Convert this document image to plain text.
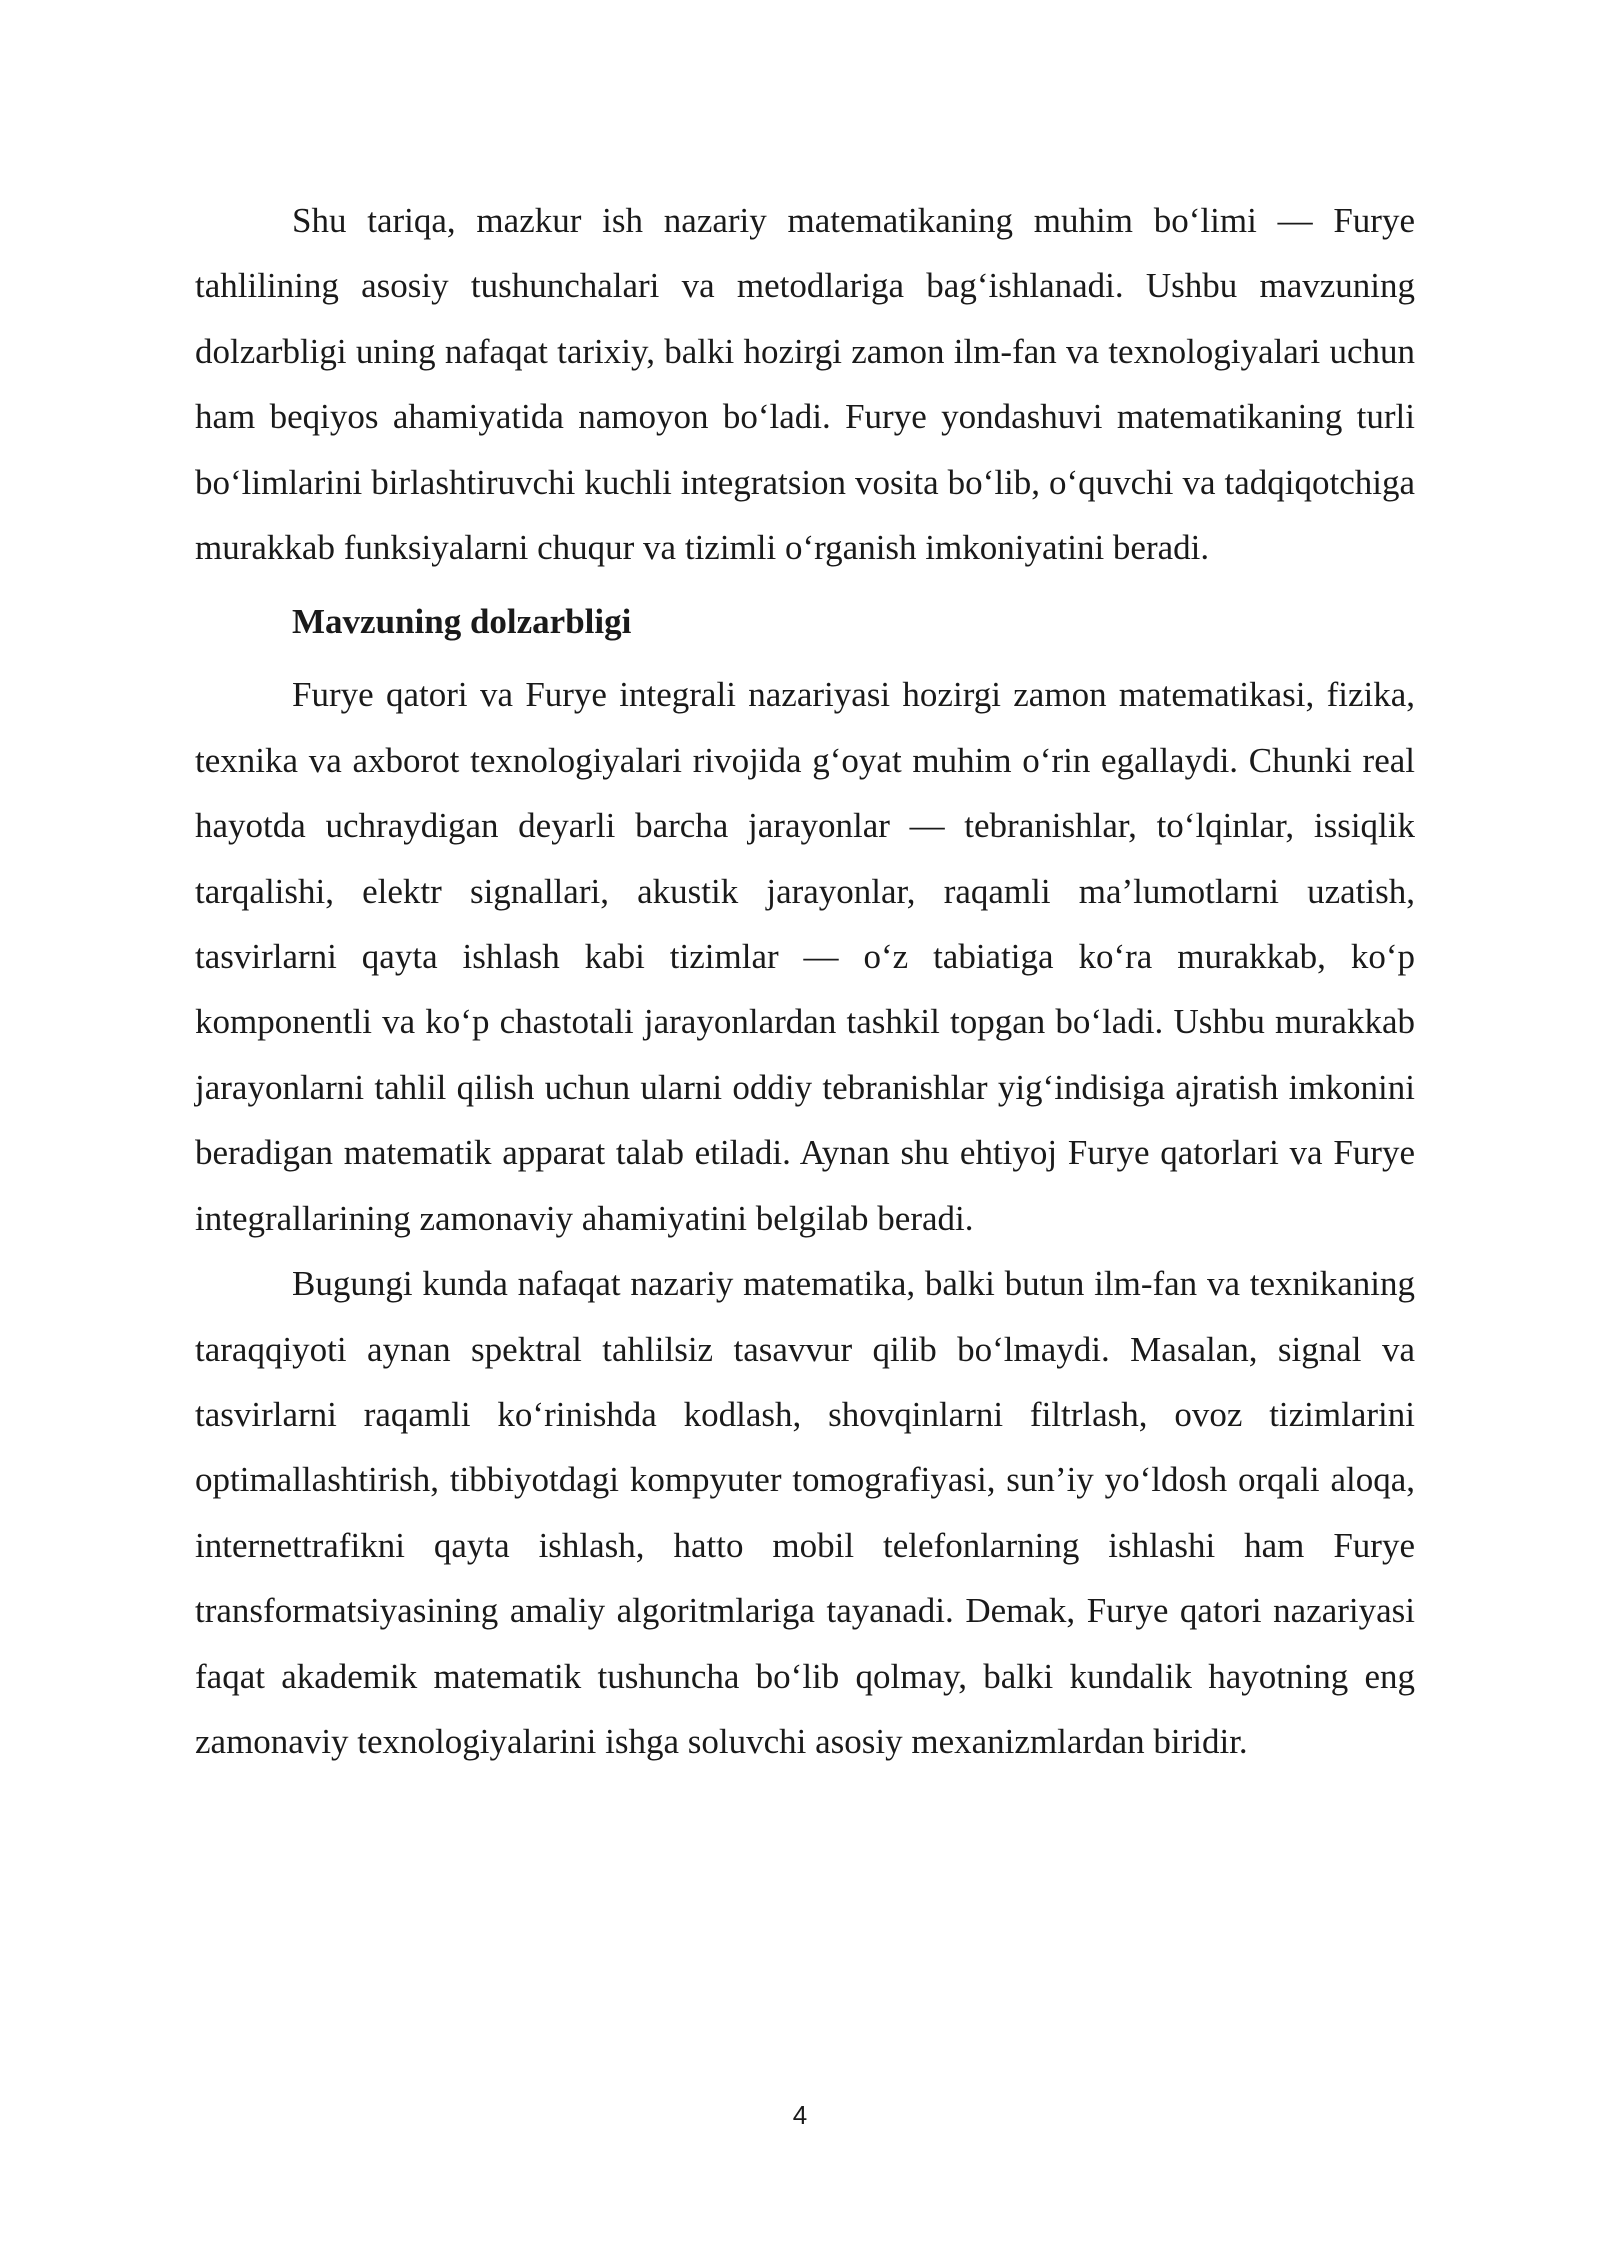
Shu tariqa, mazkur ish nazariy matematikaning muhim bo‘limi — Furye tahlilining asosiy tushunchalari va metodlariga bag‘ishlanadi. Ushbu mavzuning dolzarbligi uning nafaqat tarixiy, balki hozirgi zamon ilm-fan va texnologiyalari uchun ham beqiyos ahamiyatida namoyon bo‘ladi. Furye yondashuvi matematikaning turli bo‘limlarini birlashtiruvchi kuchli integratsion vosita bo‘lib, o‘quvchi va tadqiqotchiga murakkab funksiyalarni chuqur va tizimli o‘rganish imkoniyatini beradi.

Mavzuning dolzarbligi

Furye qatori va Furye integrali nazariyasi hozirgi zamon matematikasi, fizika, texnika va axborot texnologiyalari rivojida g‘oyat muhim o‘rin egallaydi. Chunki real hayotda uchraydigan deyarli barcha jarayonlar — tebranishlar, to‘lqinlar, issiqlik tarqalishi, elektr signallari, akustik jarayonlar, raqamli ma’lumotlarni uzatish, tasvirlarni qayta ishlash kabi tizimlar — o‘z tabiatiga ko‘ra murakkab, ko‘p komponentli va ko‘p chastotali jarayonlardan tashkil topgan bo‘ladi. Ushbu murakkab jarayonlarni tahlil qilish uchun ularni oddiy tebranishlar yig‘indisiga ajratish imkonini beradigan matematik apparat talab etiladi. Aynan shu ehtiyoj Furye qatorlari va Furye integrallarining zamonaviy ahamiyatini belgilab beradi.

Bugungi kunda nafaqat nazariy matematika, balki butun ilm-fan va texnikaning taraqqiyoti aynan spektral tahlilsiz tasavvur qilib bo‘lmaydi. Masalan, signal va tasvirlarni raqamli ko‘rinishda kodlash, shovqinlarni filtrlash, ovoz tizimlarini optimallashtirish, tibbiyotdagi kompyuter tomografiyasi, sun’iy yo‘ldosh orqali aloqa, internettrafikni qayta ishlash, hatto mobil telefonlarning ishlashi ham Furye transformatsiyasining amaliy algoritmlariga tayanadi. Demak, Furye qatori nazariyasi faqat akademik matematik tushuncha bo‘lib qolmay, balki kundalik hayotning eng zamonaviy texnologiyalarini ishga soluvchi asosiy mexanizmlardan biridir.

4
